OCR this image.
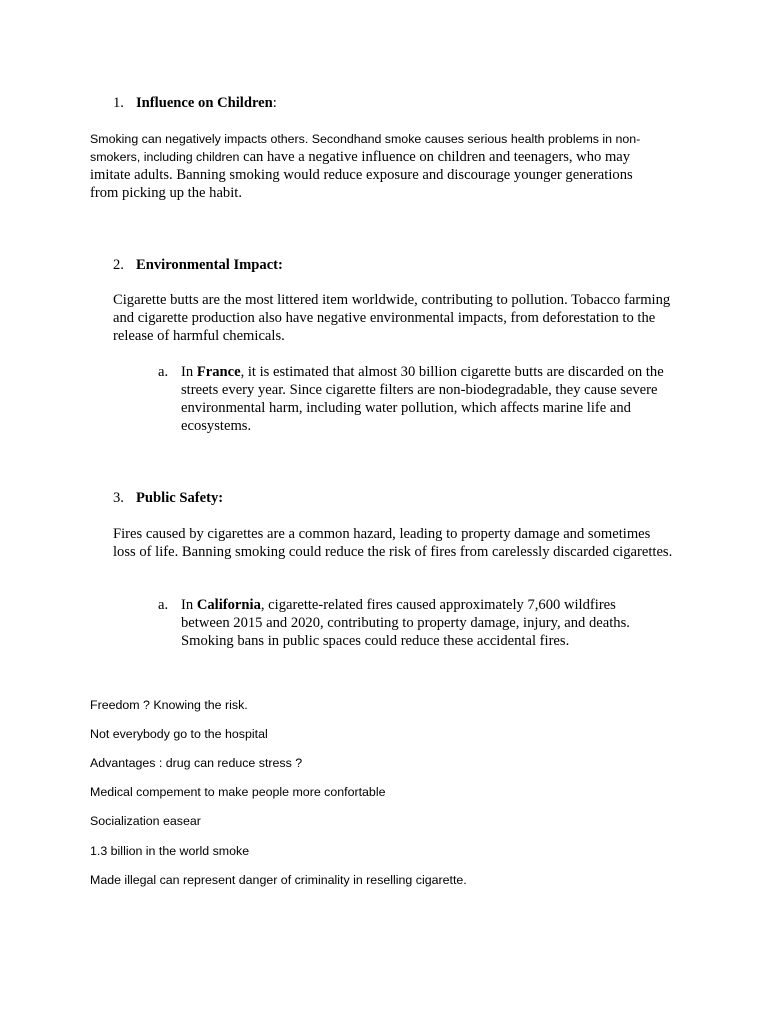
1. Influence on Children:
Smoking can negatively impacts others. Secondhand smoke causes serious health problems in non-smokers, including children can have a negative influence on children and teenagers, who may imitate adults. Banning smoking would reduce exposure and discourage younger generations from picking up the habit.
2. Environmental Impact:
Cigarette butts are the most littered item worldwide, contributing to pollution. Tobacco farming and cigarette production also have negative environmental impacts, from deforestation to the release of harmful chemicals.
a. In France, it is estimated that almost 30 billion cigarette butts are discarded on the streets every year. Since cigarette filters are non-biodegradable, they cause severe environmental harm, including water pollution, which affects marine life and ecosystems.
3. Public Safety:
Fires caused by cigarettes are a common hazard, leading to property damage and sometimes loss of life. Banning smoking could reduce the risk of fires from carelessly discarded cigarettes.
a. In California, cigarette-related fires caused approximately 7,600 wildfires between 2015 and 2020, contributing to property damage, injury, and deaths. Smoking bans in public spaces could reduce these accidental fires.
Freedom ? Knowing the risk.
Not everybody go to the hospital
Advantages : drug can reduce stress ?
Medical compement to make people more confortable
Socialization easear
1.3 billion in the world smoke
Made illegal can represent danger of criminality in reselling cigarette.
